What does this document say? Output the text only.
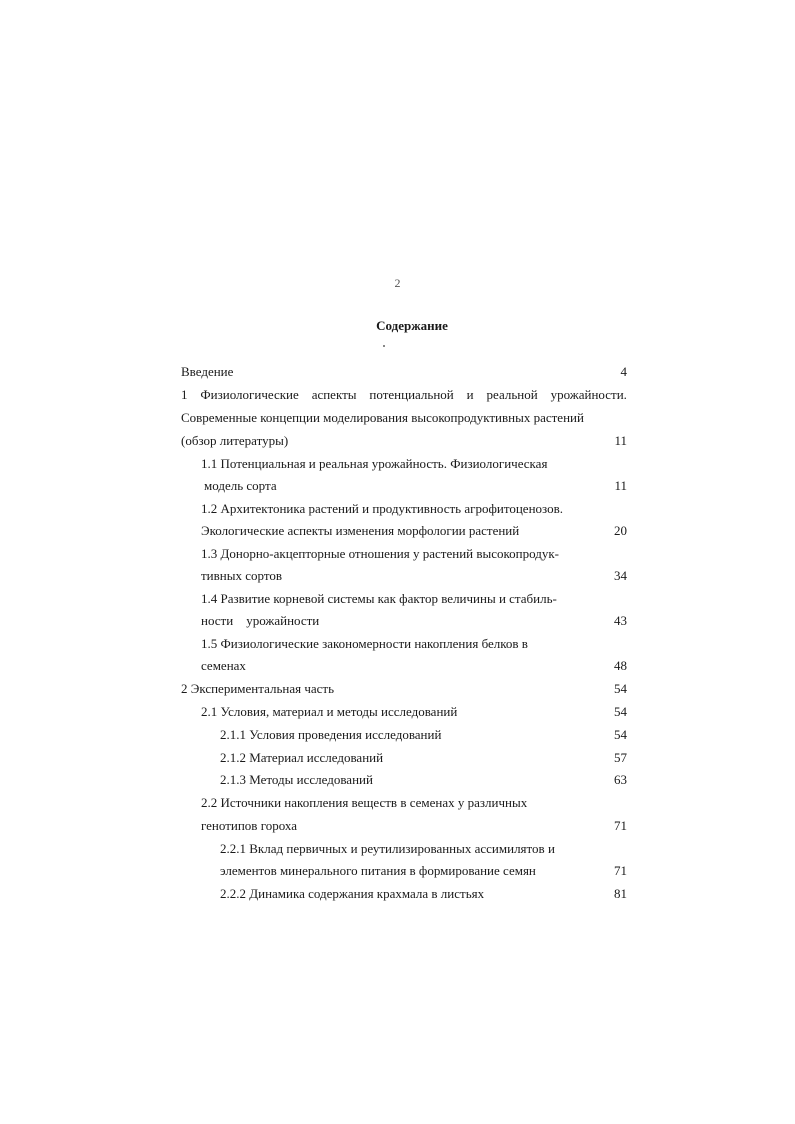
2
Содержание
Введение	4
1 Физиологические аспекты потенциальной и реальной урожайности.
Современные концепции моделирования высокопродуктивных растений
(обзор литературы)	11
1.1 Потенциальная и реальная урожайность. Физиологическая
модель сорта	11
1.2 Архитектоника растений и продуктивность агрофитоценозов.
Экологические аспекты изменения морфологии растений	20
1.3 Донорно-акцепторные отношения у растений высокопродук-
тивных сортов	34
1.4 Развитие корневой системы как фактор величины и стабиль-
ности    урожайности	43
1.5 Физиологические закономерности накопления белков в
семенах	48
2 Экспериментальная часть	54
2.1 Условия, материал и методы исследований	54
2.1.1 Условия проведения исследований	54
2.1.2 Материал исследований	57
2.1.3 Методы исследований	63
2.2 Источники накопления веществ в семенах у различных
генотипов гороха	71
2.2.1 Вклад первичных и реутилизированных ассимилятов и
элементов минерального питания в формирование семян	71
2.2.2 Динамика содержания крахмала в листьях	81
